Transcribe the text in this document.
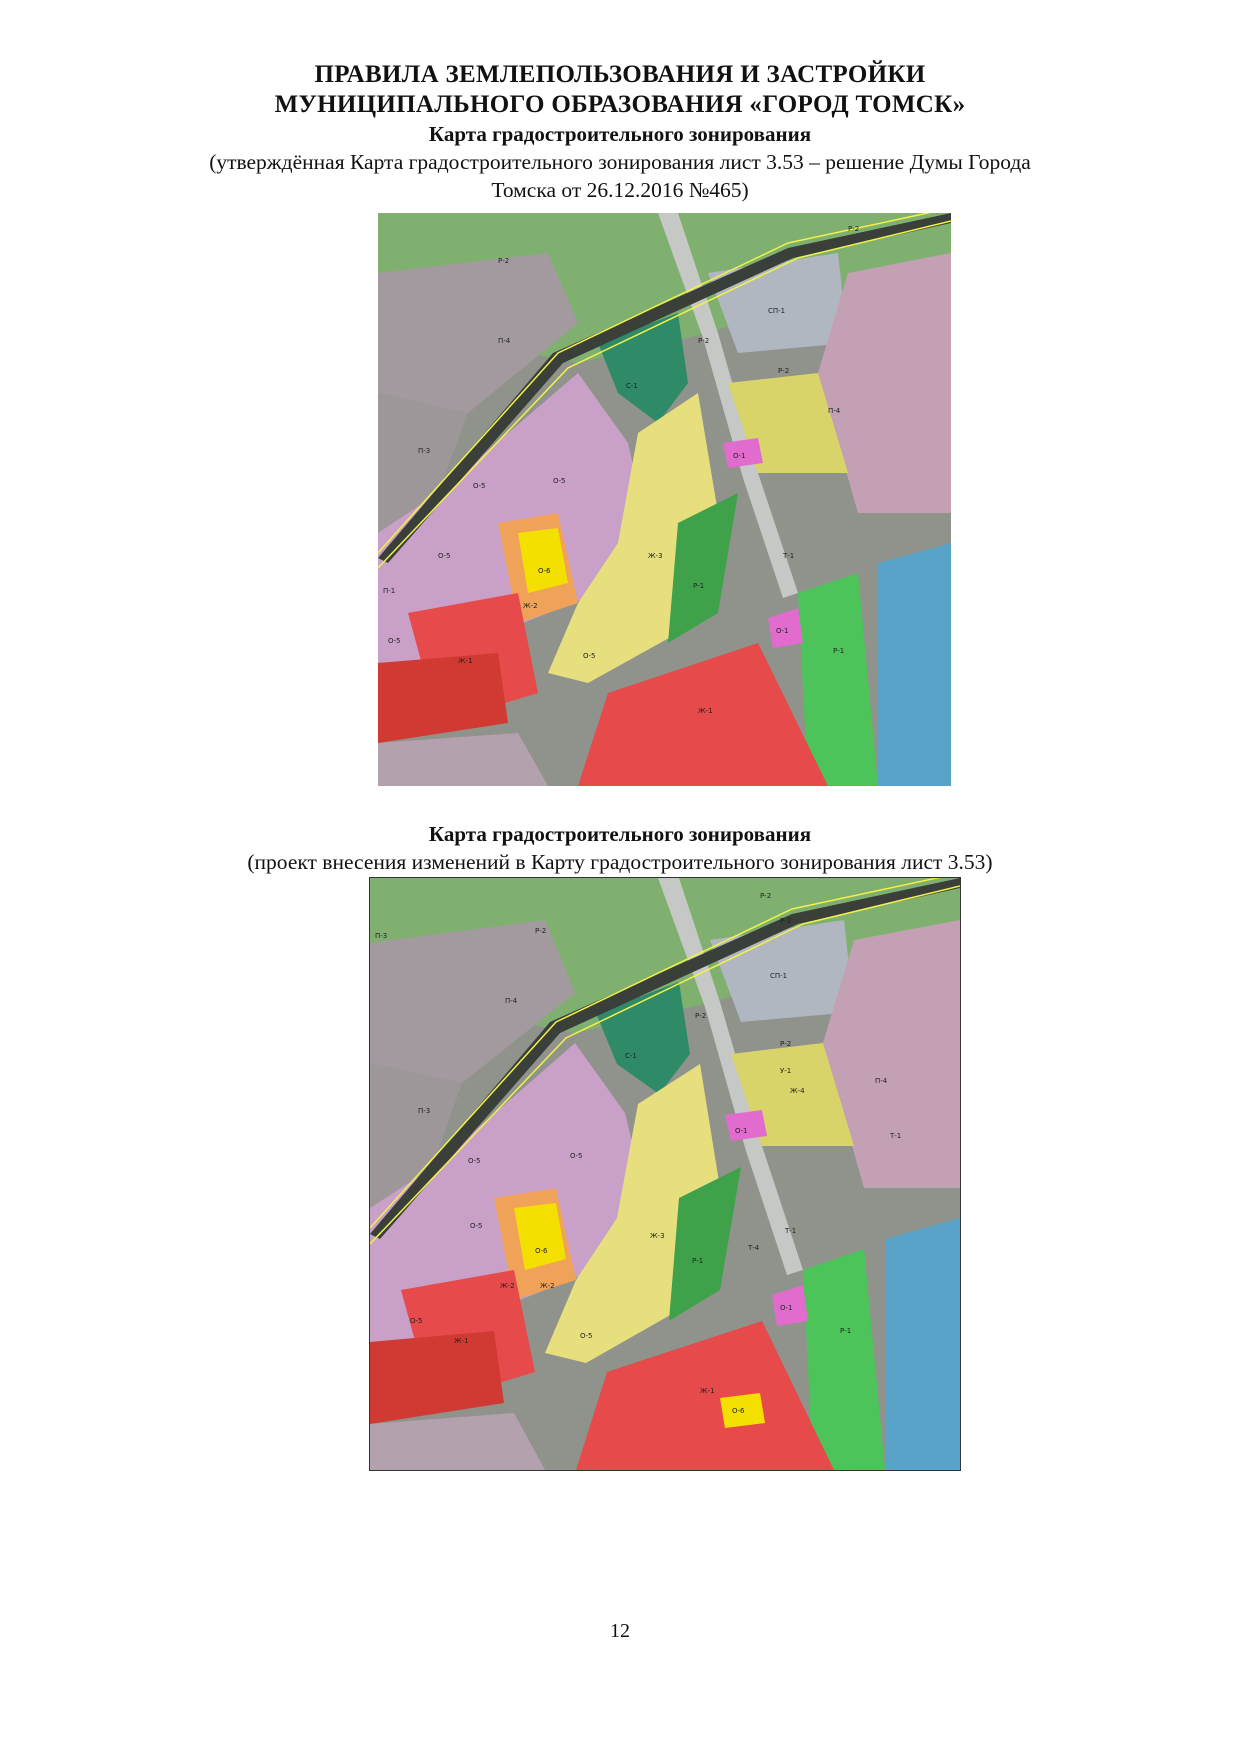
ПРАВИЛА ЗЕМЛЕПОЛЬЗОВАНИЯ И ЗАСТРОЙКИ
МУНИЦИПАЛЬНОГО ОБРАЗОВАНИЯ «ГОРОД ТОМСК»
Карта градостроительного зонирования
(утверждённая Карта градостроительного зонирования лист 3.53 – решение Думы Города
Томска от 26.12.2016 №465)
Р-2
Р-2
Р-2
Р-2
П-4
П-4
П-3
П-1
О-5
О-5
О-5
О-5
О-5
Ж-3
Ж-1
Ж-2
Ж-1
О-6
С-1
О-1
О-1
Р-1
Р-1
СП-1
Т-1
Карта градостроительного зонирования
(проект внесения изменений в Карту градостроительного зонирования лист 3.53)
Р-2
Р-2
Р-2
Р-2
Р-2
П-4
П-4
П-3
П-3
О-5
О-5
О-5
О-5
О-5
Ж-3
Ж-1
Ж-2	Ж-2
Ж-1
Ж-4
О-6
О-6
С-1
О-1
О-1
Р-1
Р-1
СП-1
Т-1
Т-1
Т-4
У-1
12
